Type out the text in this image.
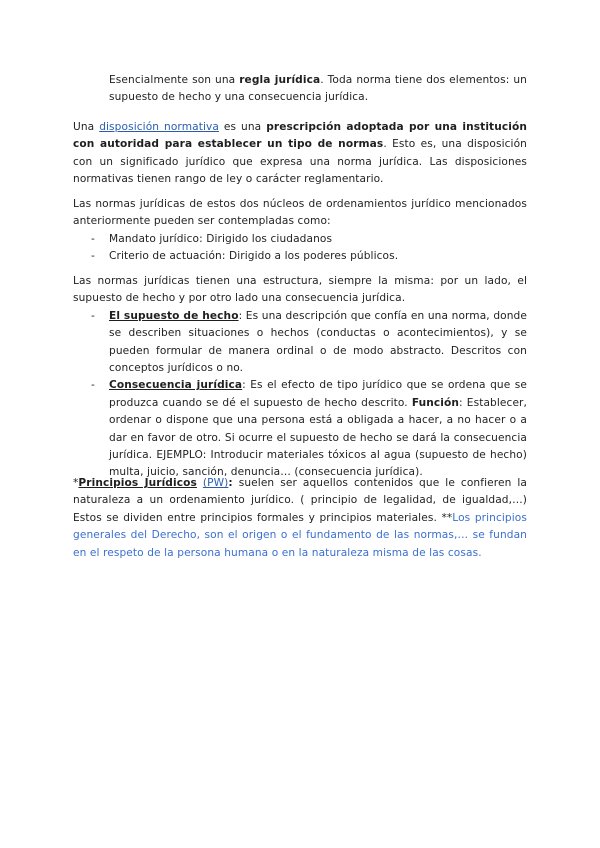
Esencialmente son una regla jurídica. Toda norma tiene dos elementos: un supuesto de hecho y una consecuencia jurídica.
Una disposición normativa es una prescripción adoptada por una institución con autoridad para establecer un tipo de normas. Esto es, una disposición con un significado jurídico que expresa una norma jurídica. Las disposiciones normativas tienen rango de ley o carácter reglamentario.
Las normas jurídicas de estos dos núcleos de ordenamientos jurídico mencionados anteriormente pueden ser contempladas como:
- Mandato jurídico: Dirigido los ciudadanos
- Criterio de actuación: Dirigido a los poderes públicos.
Las normas jurídicas tienen una estructura, siempre la misma: por un lado, el supuesto de hecho y por otro lado una consecuencia jurídica.
- El supuesto de hecho: Es una descripción que confía en una norma, donde se describen situaciones o hechos (conductas o acontecimientos), y se pueden formular de manera ordinal o de modo abstracto. Descritos con conceptos jurídicos o no.
- Consecuencia jurídica: Es el efecto de tipo jurídico que se ordena que se produzca cuando se dé el supuesto de hecho descrito. Función: Establecer, ordenar o dispone que una persona está a obligada a hacer, a no hacer o a dar en favor de otro. Si ocurre el supuesto de hecho se dará la consecuencia jurídica. EJEMPLO: Introducir materiales tóxicos al agua (supuesto de hecho) multa, juicio, sanción, denuncia… (consecuencia jurídica).
*Principios Jurídicos (PW): suelen ser aquellos contenidos que le confieren la naturaleza a un ordenamiento jurídico. ( principio de legalidad, de igualdad,…) Estos se dividen entre principios formales y principios materiales. **Los principios generales del Derecho, son el origen o el fundamento de las normas,… se fundan en el respeto de la persona humana o en la naturaleza misma de las cosas.
